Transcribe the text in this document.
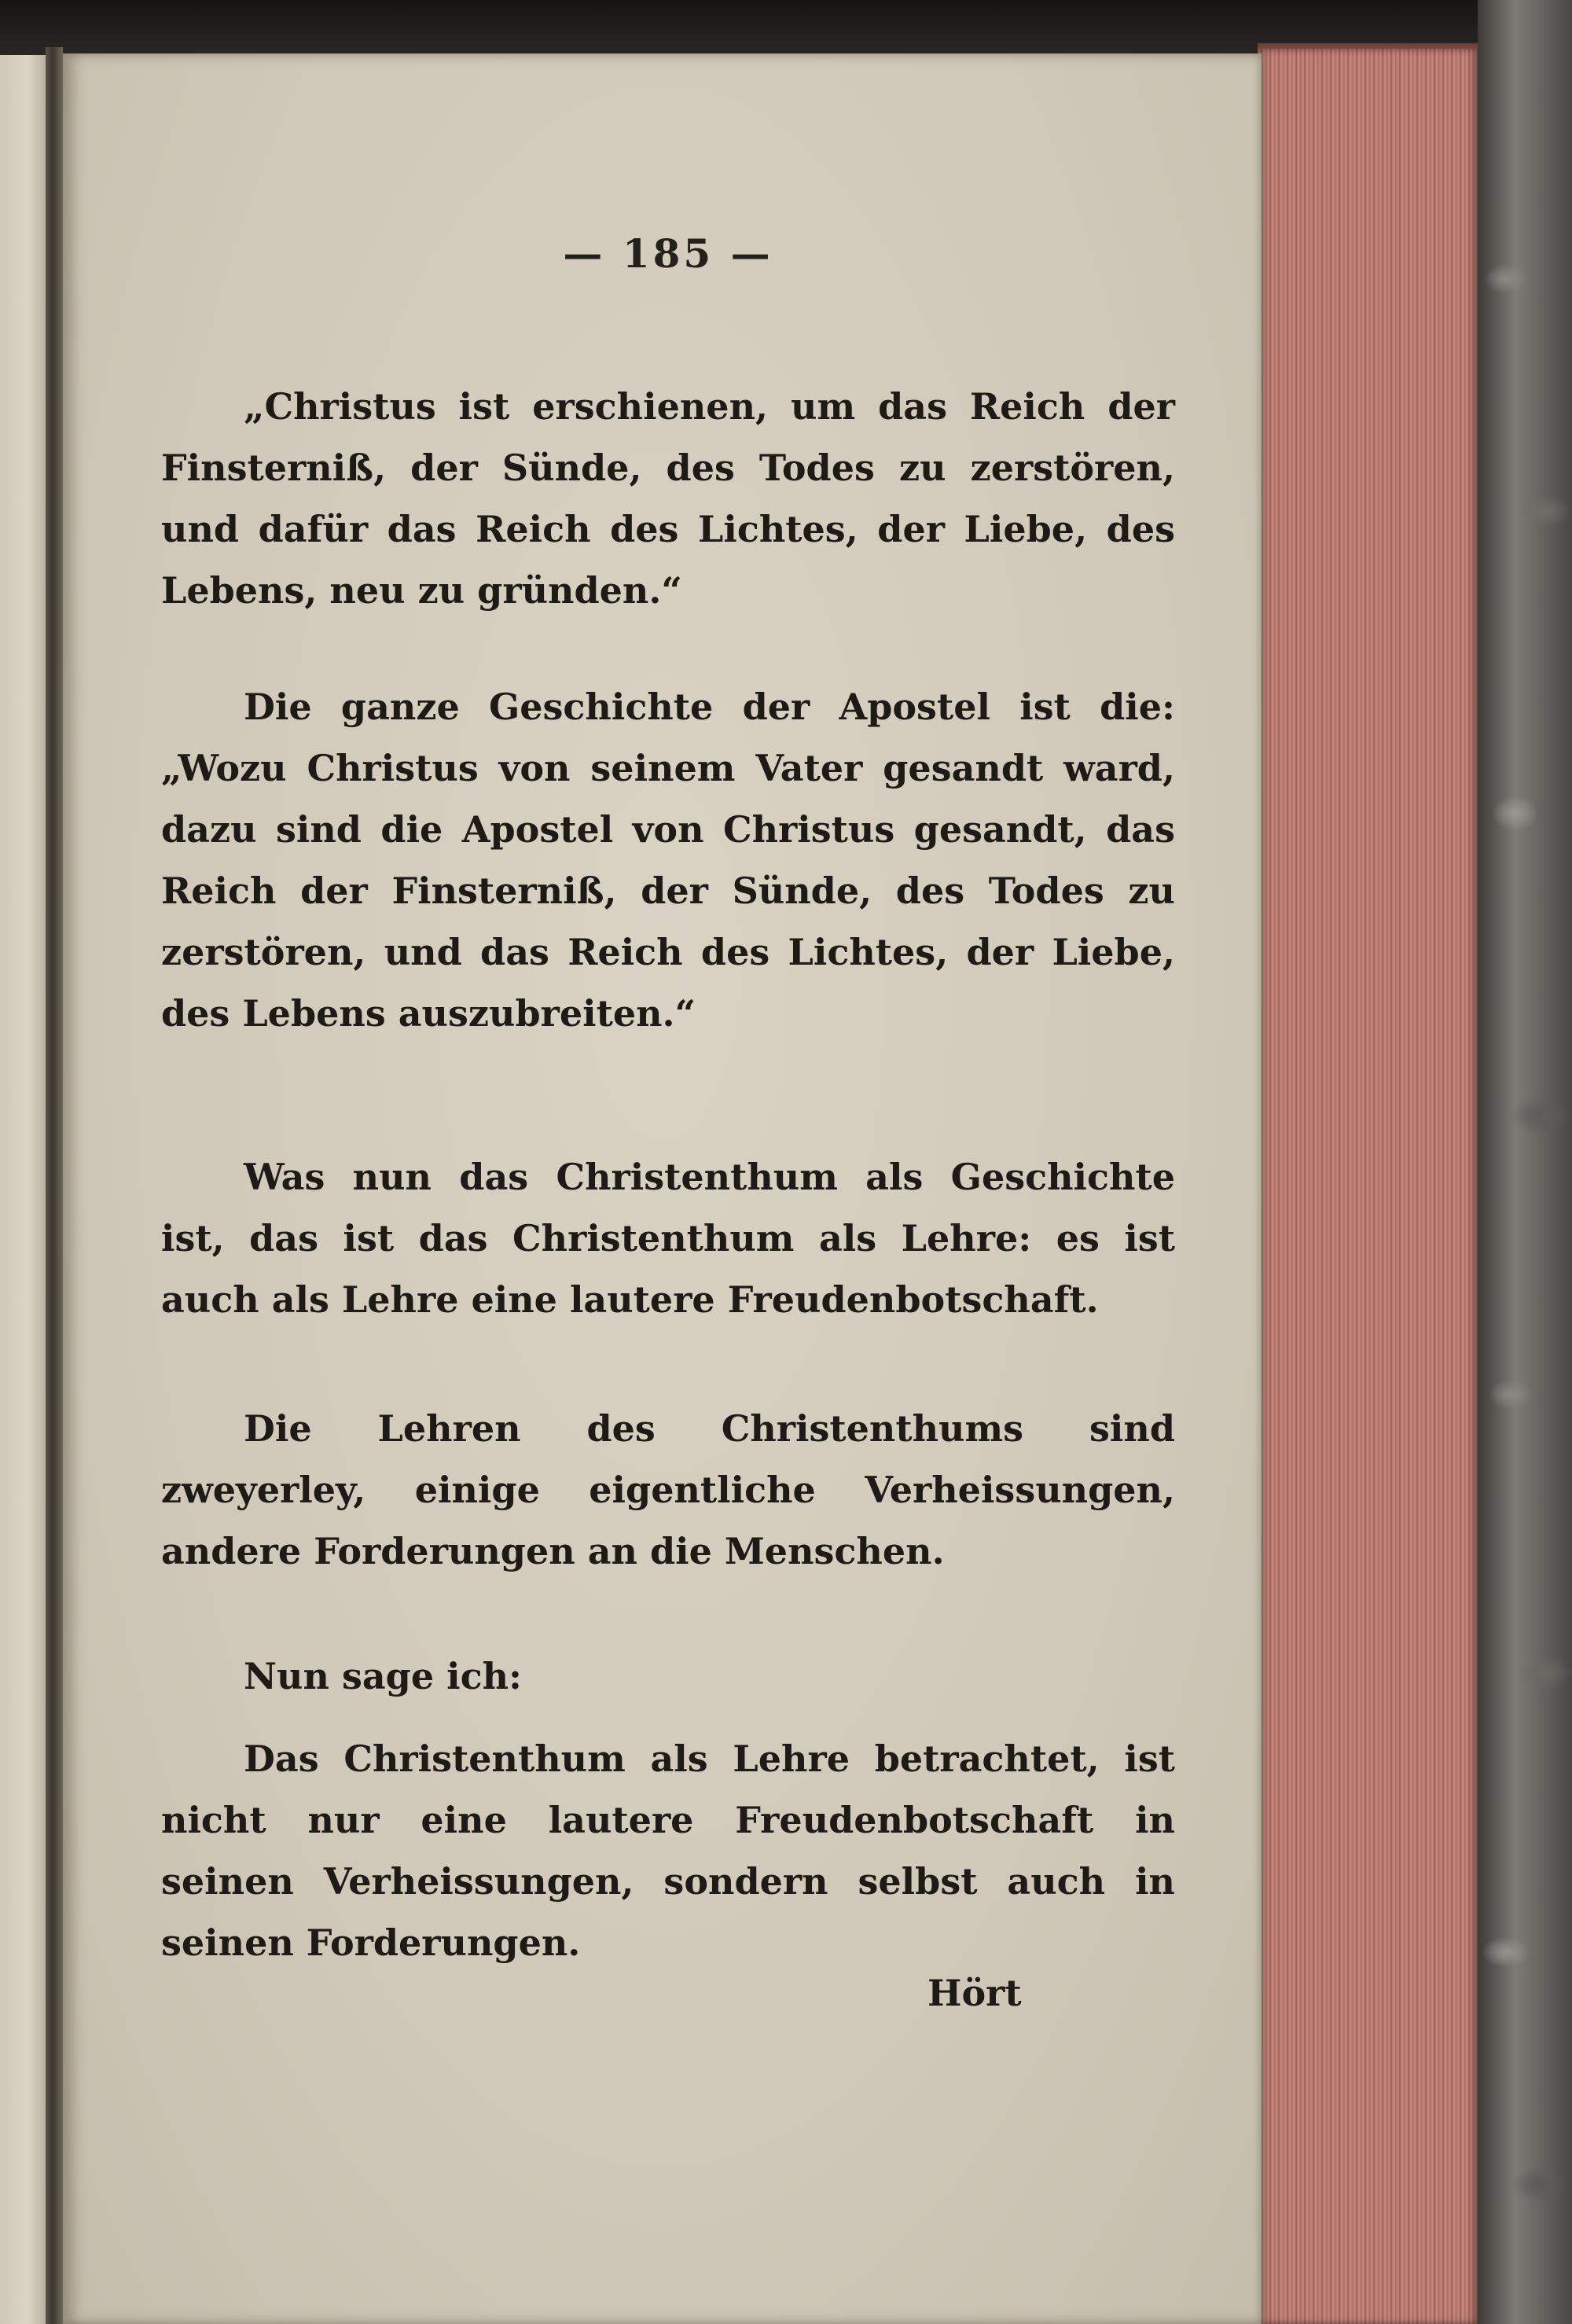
— 185 —

„Christus ist erschienen, um das Reich der Finsterniß, der Sünde, des Todes zu zerstören, und dafür das Reich des Lichtes, der Liebe, des Lebens, neu zu gründen.“

Die ganze Geschichte der Apostel ist die: „Wozu Christus von seinem Vater gesandt ward, dazu sind die Apostel von Christus gesandt, das Reich der Finsterniß, der Sünde, des Todes zu zerstören, und das Reich des Lichtes, der Liebe, des Lebens auszubreiten.“

Was nun das Christenthum als Geschichte ist, das ist das Christenthum als Lehre: es ist auch als Lehre eine lautere Freudenbotschaft.

Die Lehren des Christenthums sind zweyerley, einige eigentliche Verheissungen, andere Forderungen an die Menschen.

Nun sage ich:

Das Christenthum als Lehre betrachtet, ist nicht nur eine lautere Freudenbotschaft in seinen Verheissungen, sondern selbst auch in seinen Forderungen.

Hört
